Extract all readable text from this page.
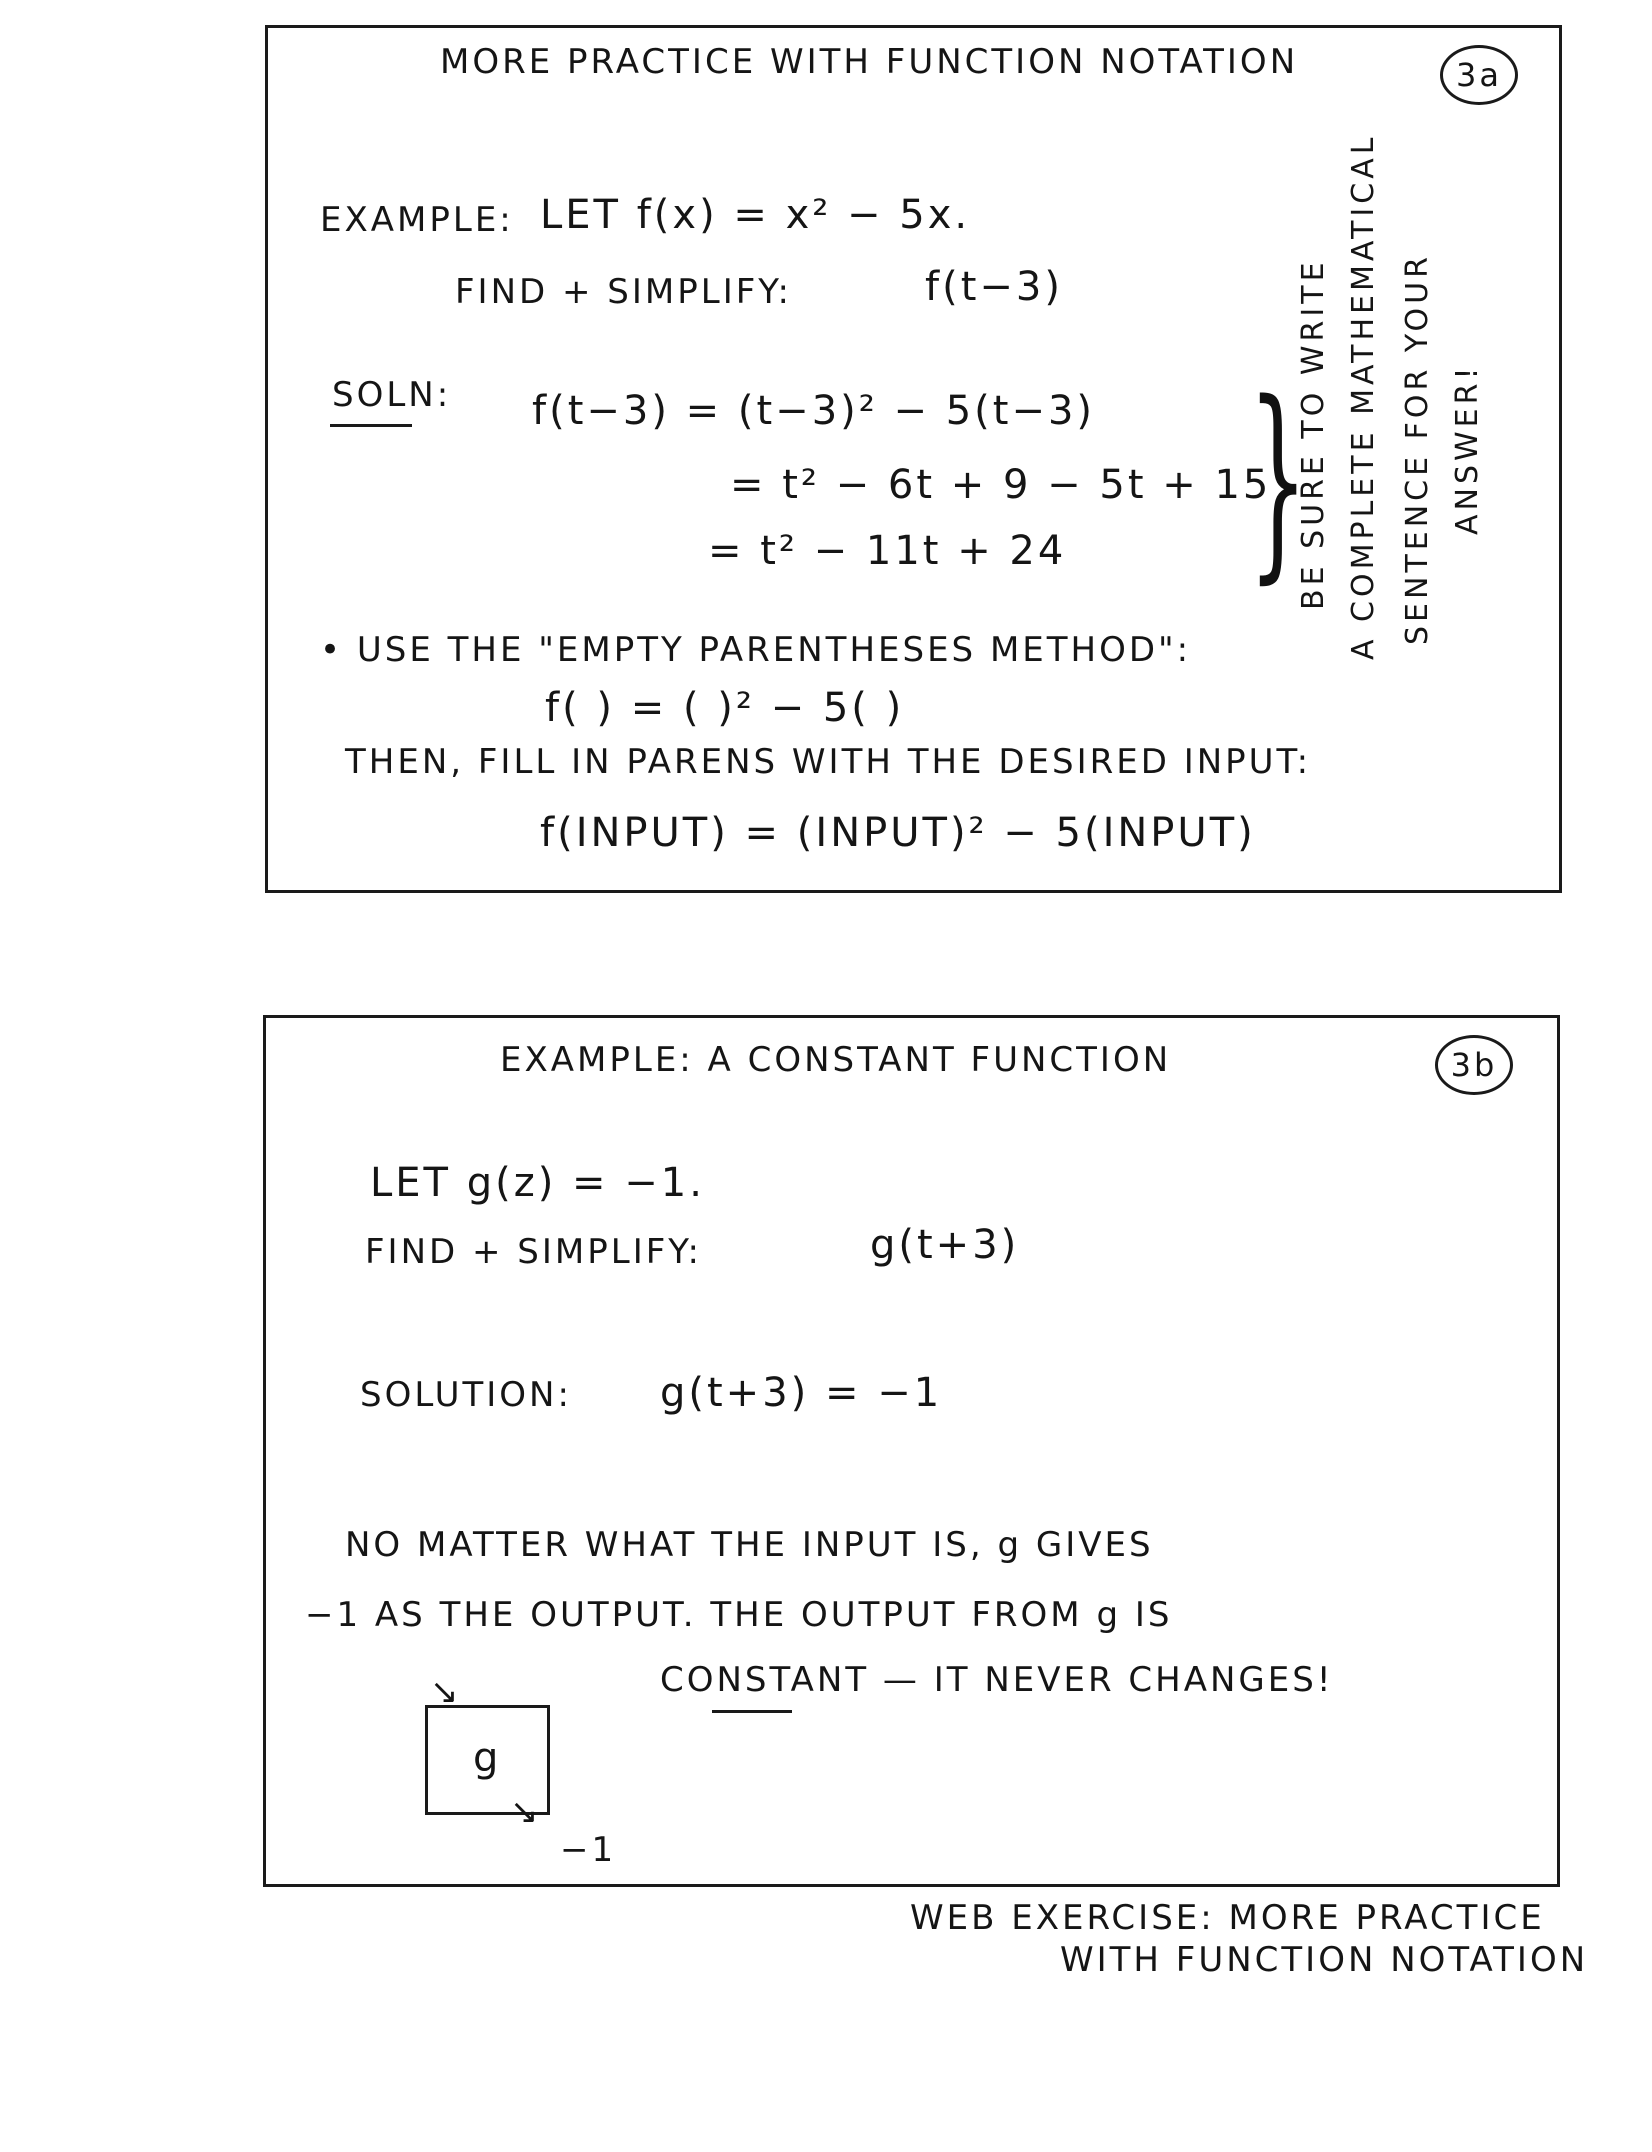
MORE PRACTICE WITH FUNCTION NOTATION	3a
EXAMPLE: LET f(x) = x² − 5x.
FIND + SIMPLIFY:	f(t−3)
SOLN: f(t−3) = (t−3)² − 5(t−3)
= t² − 6t + 9 − 5t + 15
= t² − 11t + 24 }
BE SURE TO WRITE A COMPLETE MATHEMATICAL SENTENCE FOR YOUR ANSWER!
• USE THE "EMPTY PARENTHESES METHOD":
f( ) = ( )² − 5( )
THEN, FILL IN PARENS WITH THE DESIRED INPUT:
f(INPUT) = (INPUT)² − 5(INPUT)
EXAMPLE: A CONSTANT FUNCTION	3b
LET g(z) = −1.
FIND + SIMPLIFY:	g(t+3)
SOLUTION: g(t+3) = −1
NO MATTER WHAT THE INPUT IS, g GIVES
−1 AS THE OUTPUT. THE OUTPUT FROM g IS
CONSTANT — IT NEVER CHANGES!
g
↘
↘
−1
WEB EXERCISE: MORE PRACTICE
WITH FUNCTION NOTATION
